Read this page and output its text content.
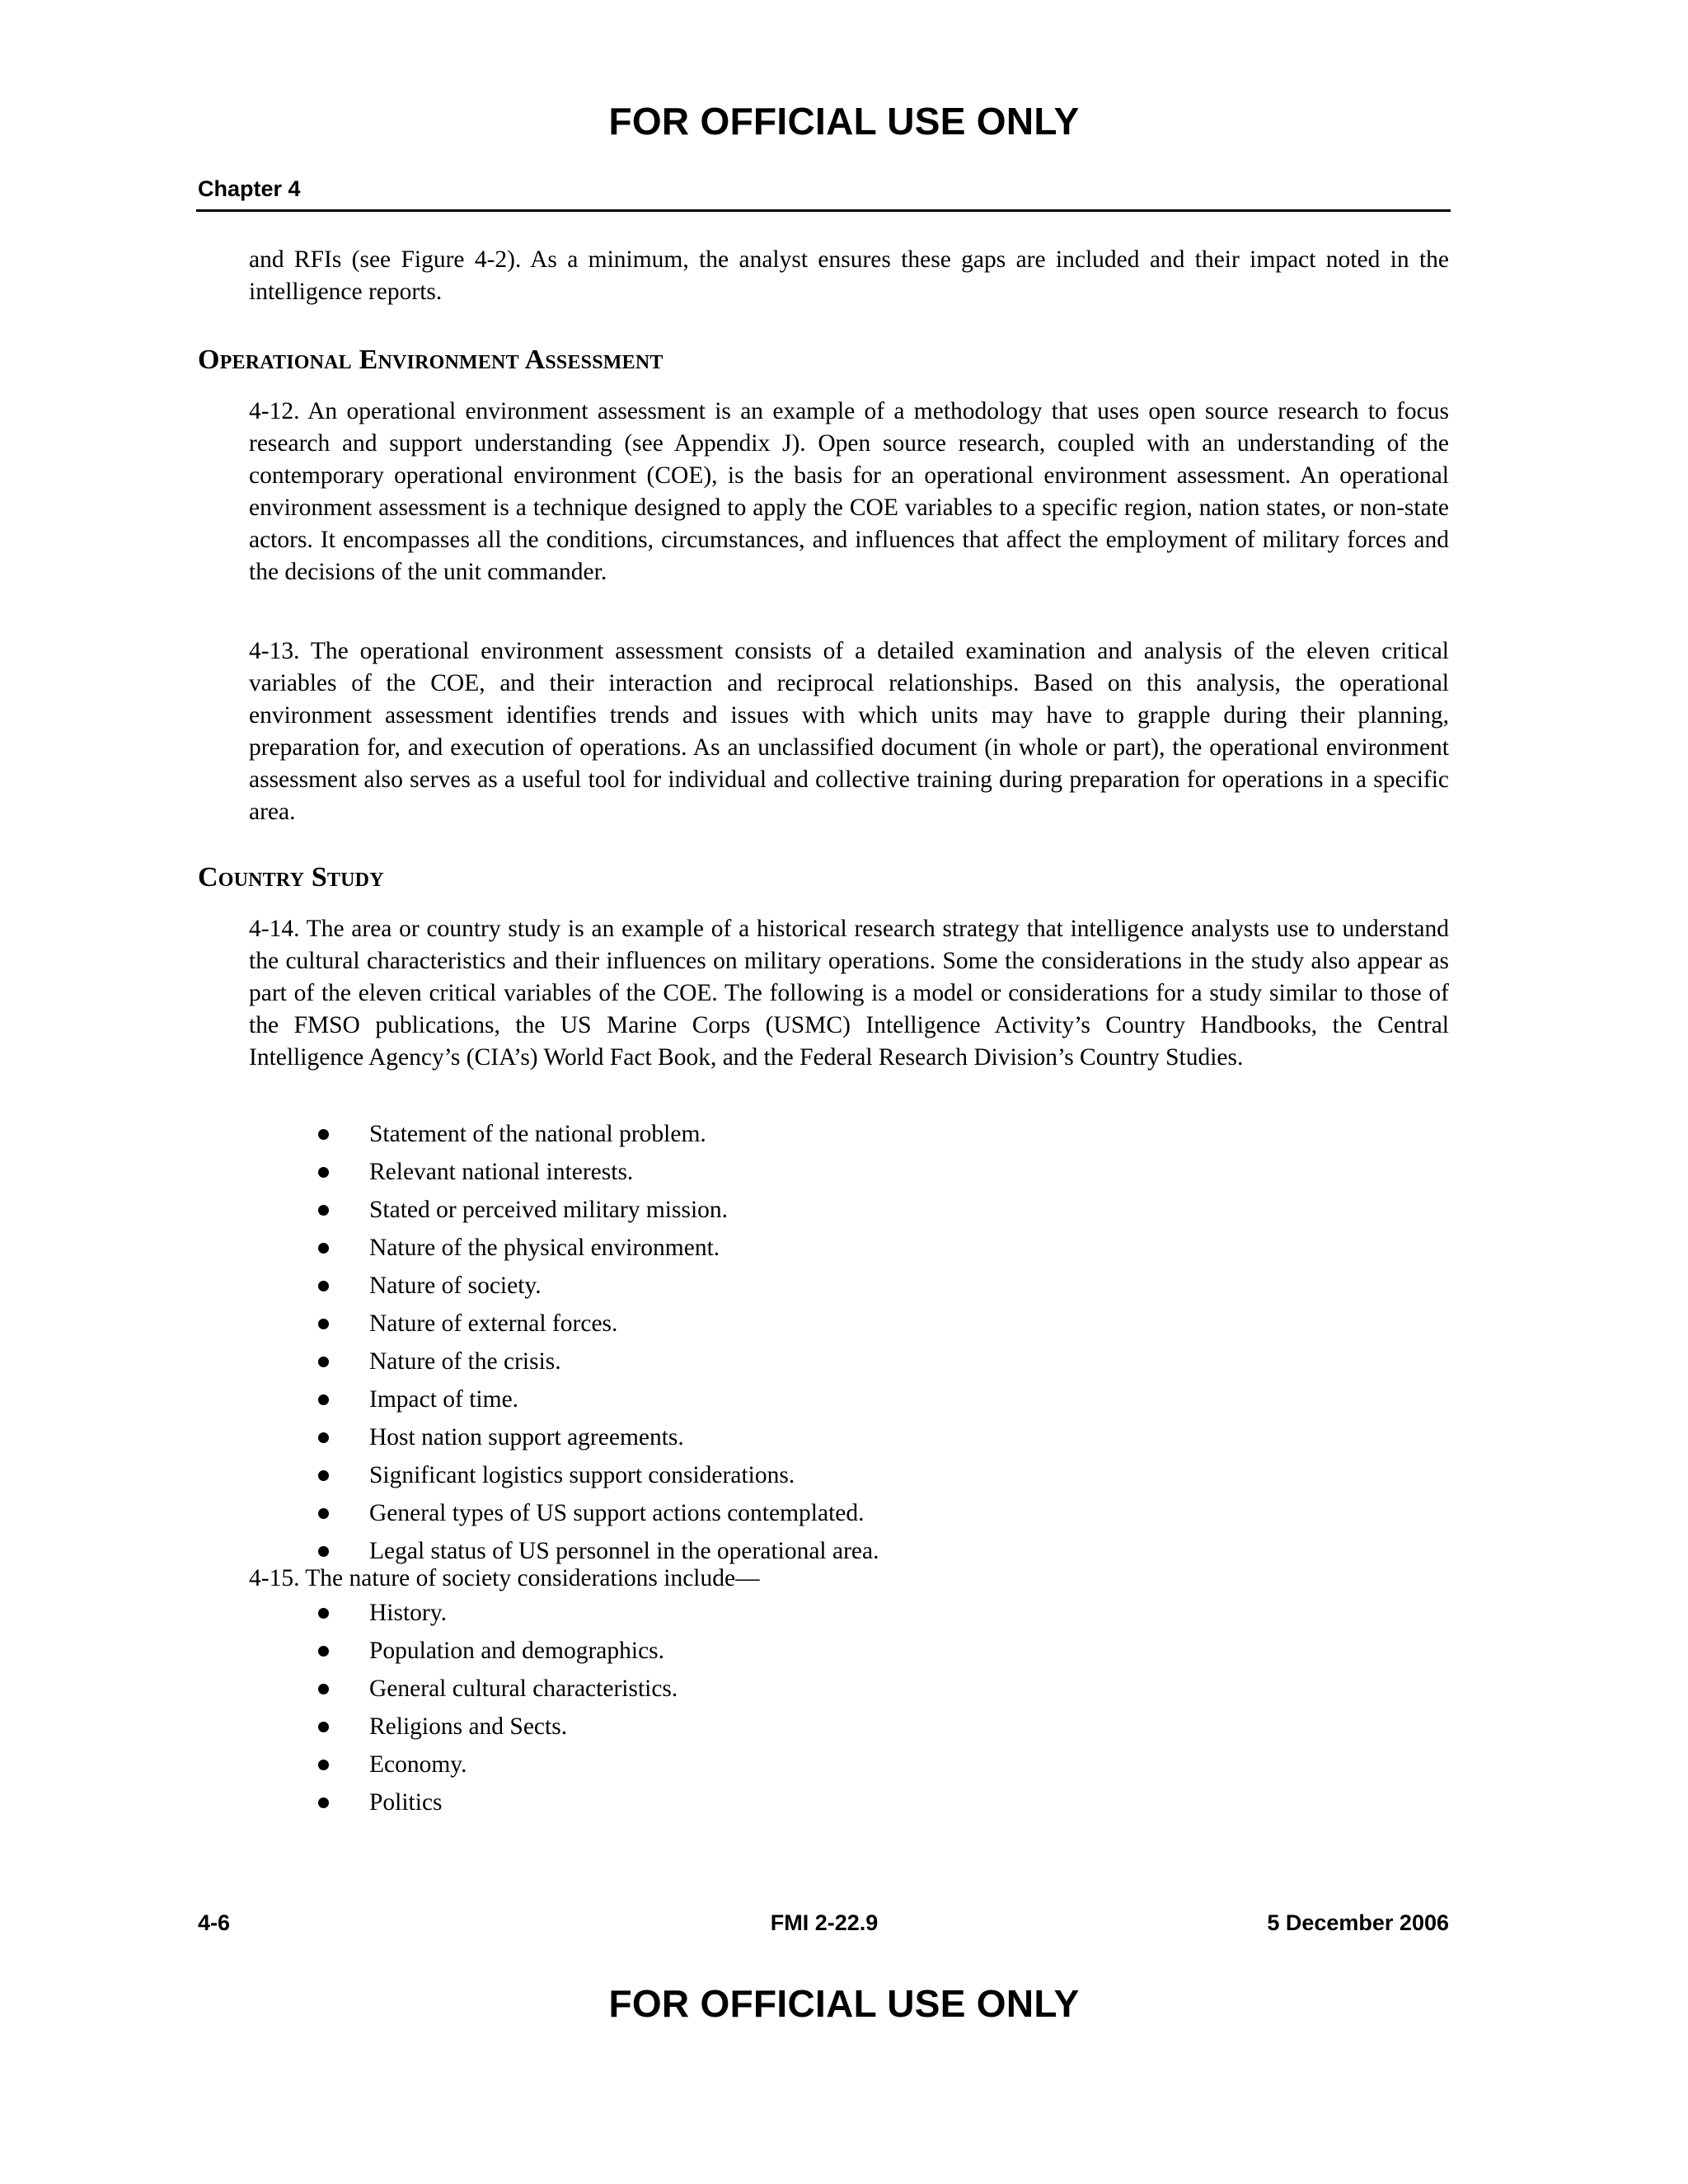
FOR OFFICIAL USE ONLY
Chapter 4

and RFIs (see Figure 4-2). As a minimum, the analyst ensures these gaps are included and their impact noted in the intelligence reports.

Operational Environment Assessment

4-12. An operational environment assessment is an example of a methodology that uses open source research to focus research and support understanding (see Appendix J). Open source research, coupled with an understanding of the contemporary operational environment (COE), is the basis for an operational environment assessment. An operational environment assessment is a technique designed to apply the COE variables to a specific region, nation states, or non-state actors. It encompasses all the conditions, circumstances, and influences that affect the employment of military forces and the decisions of the unit commander.

4-13. The operational environment assessment consists of a detailed examination and analysis of the eleven critical variables of the COE, and their interaction and reciprocal relationships. Based on this analysis, the operational environment assessment identifies trends and issues with which units may have to grapple during their planning, preparation for, and execution of operations. As an unclassified document (in whole or part), the operational environment assessment also serves as a useful tool for individual and collective training during preparation for operations in a specific area.

Country Study

4-14. The area or country study is an example of a historical research strategy that intelligence analysts use to understand the cultural characteristics and their influences on military operations. Some the considerations in the study also appear as part of the eleven critical variables of the COE. The following is a model or considerations for a study similar to those of the FMSO publications, the US Marine Corps (USMC) Intelligence Activity’s Country Handbooks, the Central Intelligence Agency’s (CIA’s) World Fact Book, and the Federal Research Division’s Country Studies.

Statement of the national problem.
Relevant national interests.
Stated or perceived military mission.
Nature of the physical environment.
Nature of society.
Nature of external forces.
Nature of the crisis.
Impact of time.
Host nation support agreements.
Significant logistics support considerations.
General types of US support actions contemplated.
Legal status of US personnel in the operational area.

4-15. The nature of society considerations include—

History.
Population and demographics.
General cultural characteristics.
Religions and Sects.
Economy.
Politics
4-6	FMI 2-22.9	5 December 2006
FOR OFFICIAL USE ONLY
